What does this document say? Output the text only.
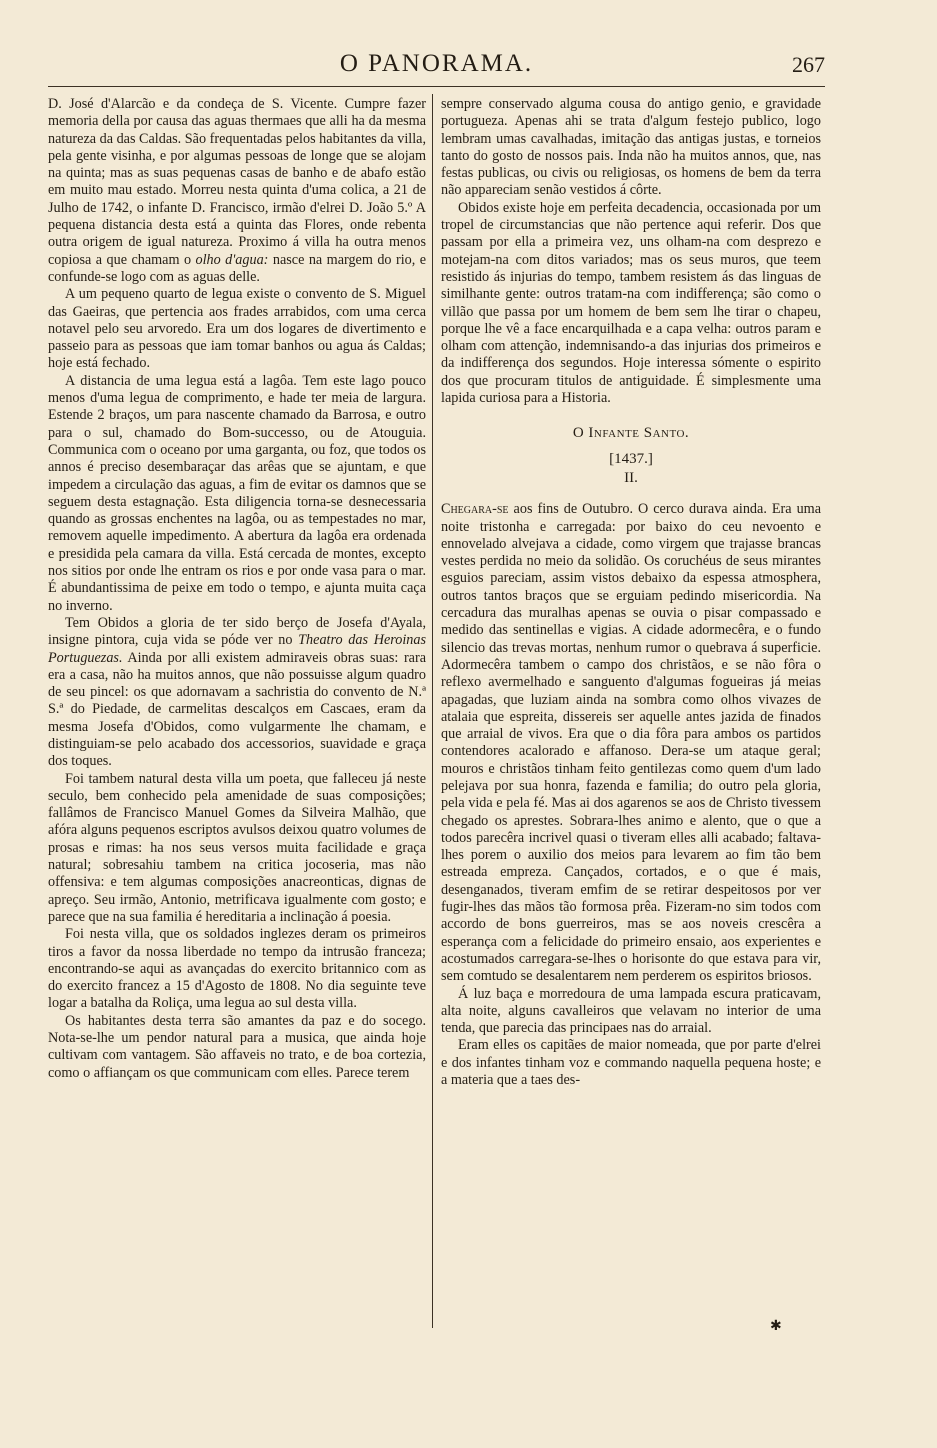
O PANORAMA.	267

D. José d'Alarcão e da condeça de S. Vicente. Cumpre fazer memoria della por causa das aguas thermaes que alli ha da mesma natureza da das Caldas. São frequentadas pelos habitantes da villa, pela gente visinha, e por algumas pessoas de longe que se alojam na quinta; mas as suas pequenas casas de banho e de abafo estão em muito mau estado. Morreu nesta quinta d'uma colica, a 21 de Julho de 1742, o infante D. Francisco, irmão d'elrei D. João 5.º A pequena distancia desta está a quinta das Flores, onde rebenta outra origem de igual natureza. Proximo á villa ha outra menos copiosa a que chamam o olho d'agua: nasce na margem do rio, e confunde-se logo com as aguas delle.

A um pequeno quarto de legua existe o convento de S. Miguel das Gaeiras, que pertencia aos frades arrabidos, com uma cerca notavel pelo seu arvoredo. Era um dos logares de divertimento e passeio para as pessoas que iam tomar banhos ou agua ás Caldas; hoje está fechado.

A distancia de uma legua está a lagôa. Tem este lago pouco menos d'uma legua de comprimento, e hade ter meia de largura. Estende 2 braços, um para nascente chamado da Barrosa, e outro para o sul, chamado do Bom-successo, ou de Atouguia. Communica com o oceano por uma garganta, ou foz, que todos os annos é preciso desembaraçar das arêas que se ajuntam, e que impedem a circulação das aguas, a fim de evitar os damnos que se seguem desta estagnação. Esta diligencia torna-se desnecessaria quando as grossas enchentes na lagôa, ou as tempestades no mar, removem aquelle impedimento. A abertura da lagôa era ordenada e presidida pela camara da villa. Está cercada de montes, excepto nos sitios por onde lhe entram os rios e por onde vasa para o mar. É abundantissima de peixe em todo o tempo, e ajunta muita caça no inverno.

Tem Obidos a gloria de ter sido berço de Josefa d'Ayala, insigne pintora, cuja vida se póde ver no Theatro das Heroinas Portuguezas. Ainda por alli existem admiraveis obras suas: rara era a casa, não ha muitos annos, que não possuisse algum quadro de seu pincel: os que adornavam a sachristia do convento de N.ª S.ª do Piedade, de carmelitas descalços em Cascaes, eram da mesma Josefa d'Obidos, como vulgarmente lhe chamam, e distinguiam-se pelo acabado dos accessorios, suavidade e graça dos toques.

Foi tambem natural desta villa um poeta, que falleceu já neste seculo, bem conhecido pela amenidade de suas composições; fallâmos de Francisco Manuel Gomes da Silveira Malhão, que afóra alguns pequenos escriptos avulsos deixou quatro volumes de prosas e rimas: ha nos seus versos muita facilidade e graça natural; sobresahiu tambem na critica jocoseria, mas não offensiva: e tem algumas composições anacreonticas, dignas de apreço. Seu irmão, Antonio, metrificava igualmente com gosto; e parece que na sua familia é hereditaria a inclinação á poesia.

Foi nesta villa, que os soldados inglezes deram os primeiros tiros a favor da nossa liberdade no tempo da intrusão franceza; encontrando-se aqui as avançadas do exercito britannico com as do exercito francez a 15 d'Agosto de 1808. No dia seguinte teve logar a batalha da Roliça, uma legua ao sul desta villa.

Os habitantes desta terra são amantes da paz e do socego. Nota-se-lhe um pendor natural para a musica, que ainda hoje cultivam com vantagem. São affaveis no trato, e de boa cortezia, como o affiançam os que communicam com elles. Parece terem

sempre conservado alguma cousa do antigo genio, e gravidade portugueza. Apenas ahi se trata d'algum festejo publico, logo lembram umas cavalhadas, imitação das antigas justas, e torneios tanto do gosto de nossos pais. Inda não ha muitos annos, que, nas festas publicas, ou civis ou religiosas, os homens de bem da terra não appareciam senão vestidos á côrte.

Obidos existe hoje em perfeita decadencia, occasionada por um tropel de circumstancias que não pertence aqui referir. Dos que passam por ella a primeira vez, uns olham-na com desprezo e motejam-na com ditos variados; mas os seus muros, que teem resistido ás injurias do tempo, tambem resistem ás das linguas de similhante gente: outros tratam-na com indifferença; são como o villão que passa por um homem de bem sem lhe tirar o chapeu, porque lhe vê a face encarquilhada e a capa velha: outros param e olham com attenção, indemnisando-a das injurias dos primeiros e da indifferença dos segundos. Hoje interessa sómente o espirito dos que procuram titulos de antiguidade. É simplesmente uma lapida curiosa para a Historia.

O Infante Santo.
[1437.]
II.

Chegara-se aos fins de Outubro. O cerco durava ainda. Era uma noite tristonha e carregada: por baixo do ceu nevoento e ennovelado alvejava a cidade, como virgem que trajasse brancas vestes perdida no meio da solidão. Os coruchéus de seus mirantes esguios pareciam, assim vistos debaixo da espessa atmosphera, outros tantos braços que se erguiam pedindo misericordia. Na cercadura das muralhas apenas se ouvia o pisar compassado e medido das sentinellas e vigias. A cidade adormecêra, e o fundo silencio das trevas mortas, nenhum rumor o quebrava á superficie. Adormecêra tambem o campo dos christãos, e se não fôra o reflexo avermelhado e sanguento d'algumas fogueiras já meias apagadas, que luziam ainda na sombra como olhos vivazes de atalaia que espreita, dissereis ser aquelle antes jazida de finados que arraial de vivos. Era que o dia fôra para ambos os partidos contendores acalorado e affanoso. Dera-se um ataque geral; mouros e christãos tinham feito gentilezas como quem d'um lado pelejava por sua honra, fazenda e familia; do outro pela gloria, pela vida e pela fé. Mas ai dos agarenos se aos de Christo tivessem chegado os aprestes. Sobrara-lhes animo e alento, que o que a todos parecêra incrivel quasi o tiveram elles alli acabado; faltava-lhes porem o auxilio dos meios para levarem ao fim tão bem estreada empreza. Cançados, cortados, e o que é mais, desenganados, tiveram emfim de se retirar despeitosos por ver fugir-lhes das mãos tão formosa prêa. Fizeram-no sim todos com accordo de bons guerreiros, mas se aos noveis crescêra a esperança com a felicidade do primeiro ensaio, aos experientes e acostumados carregara-se-lhes o horisonte do que estava para vir, sem comtudo se desalentarem nem perderem os espiritos briosos.

Á luz baça e morredoura de uma lampada escura praticavam, alta noite, alguns cavalleiros que velavam no interior de uma tenda, que parecia das principaes nas do arraial.

Eram elles os capitães de maior nomeada, que por parte d'elrei e dos infantes tinham voz e commando naquella pequena hoste; e a materia que a taes des-

✱
